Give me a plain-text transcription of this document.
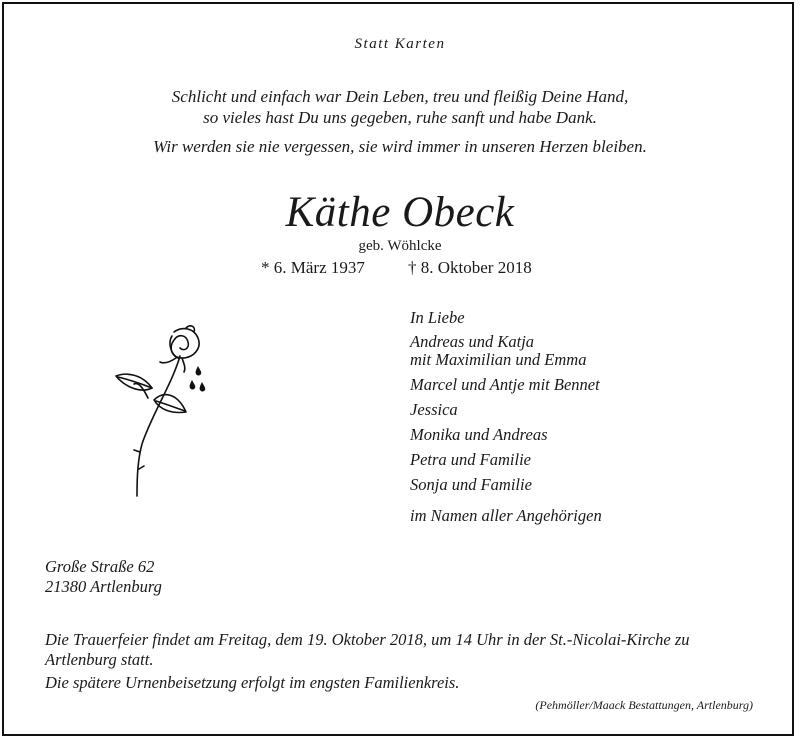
Statt Karten
Schlicht und einfach war Dein Leben, treu und fleißig Deine Hand,
so vieles hast Du uns gegeben, ruhe sanft und habe Dank.
Wir werden sie nie vergessen, sie wird immer in unseren Herzen bleiben.
Käthe Obeck
geb. Wöhlcke
* 6. März 1937	† 8. Oktober 2018
In Liebe
Andreas und Katja
mit Maximilian und Emma
Marcel und Antje mit Bennet
Jessica
Monika und Andreas
Petra und Familie
Sonja und Familie
im Namen aller Angehörigen
Große Straße 62
21380 Artlenburg

Die Trauerfeier findet am Freitag, dem 19. Oktober 2018, um 14 Uhr in der St.-Nicolai-Kirche zu Artlenburg statt.

Die spätere Urnenbeisetzung erfolgt im engsten Familienkreis.

(Pehmöller/Maack Bestattungen, Artlenburg)
